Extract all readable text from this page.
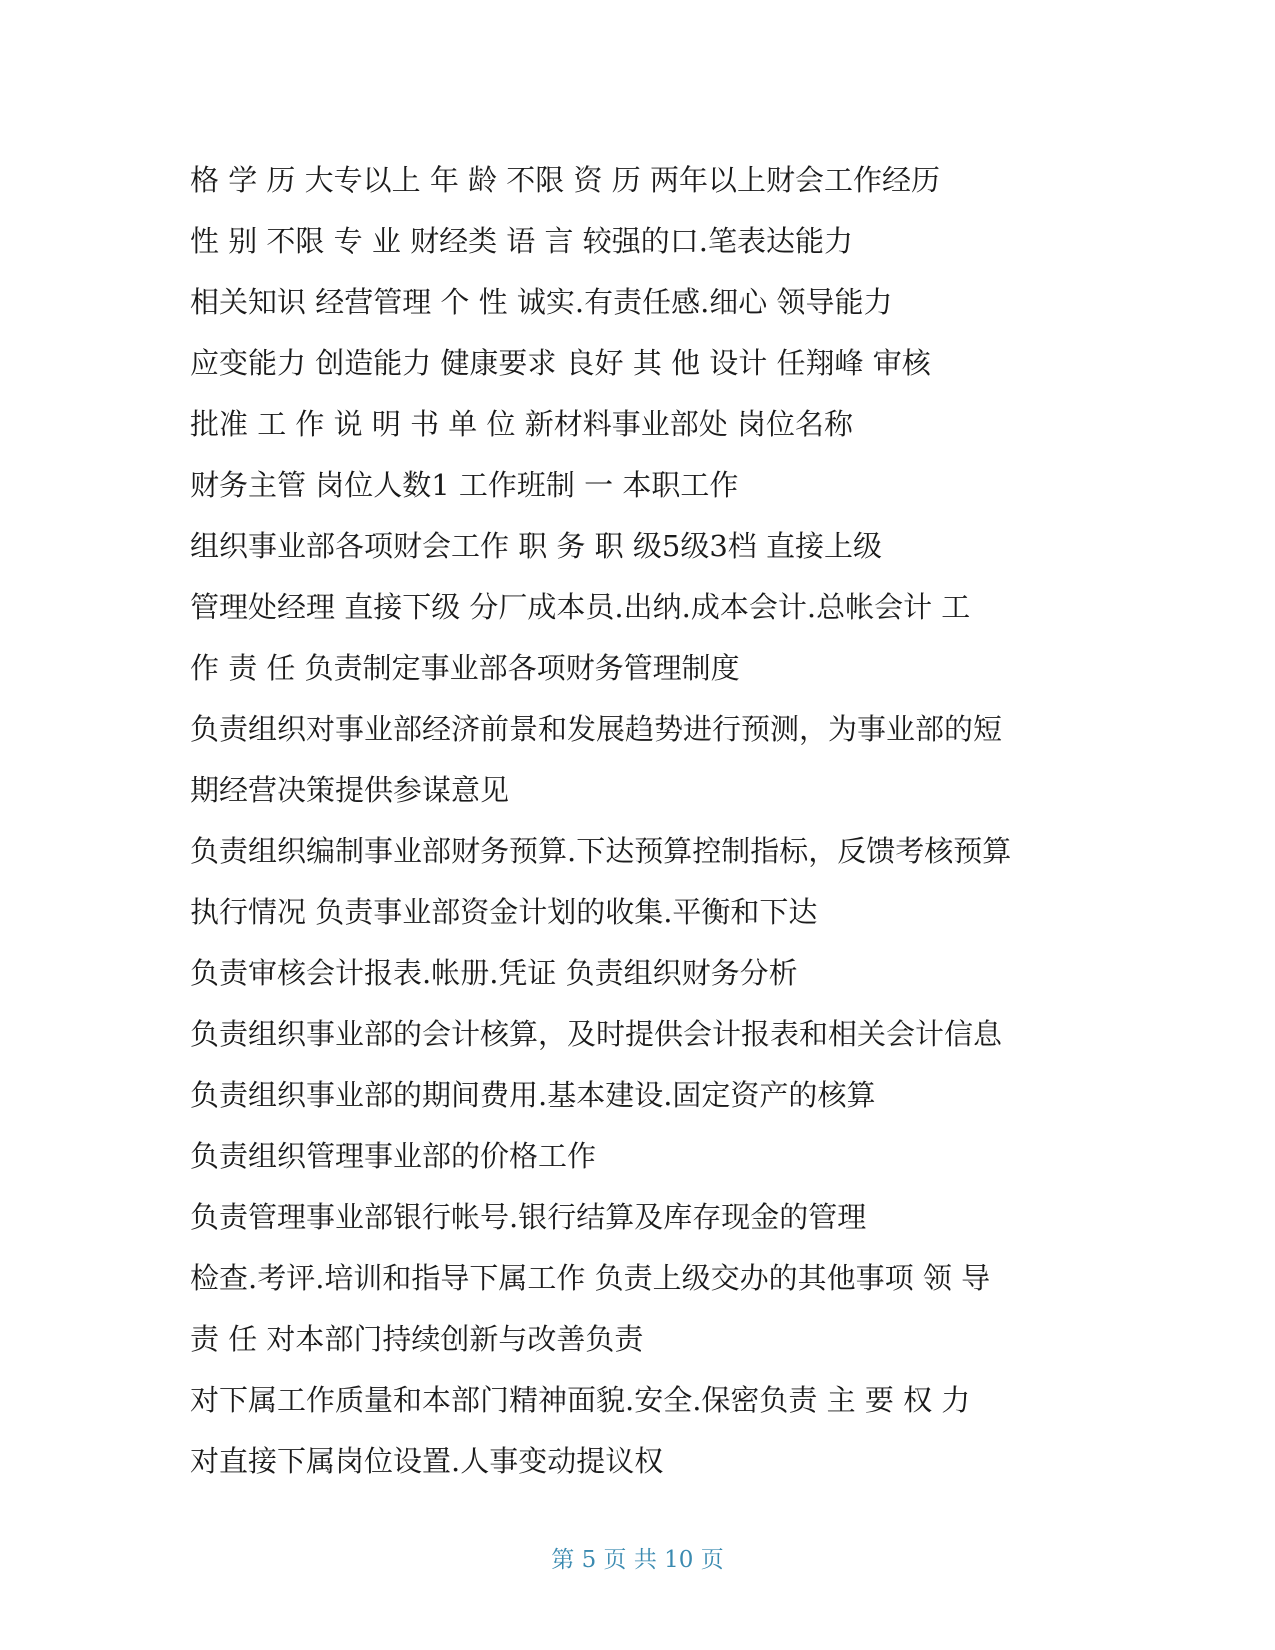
格 学 历 大专以上 年 龄 不限 资 历 两年以上财会工作经历
性 别 不限 专 业 财经类 语 言 较强的口.笔表达能力
相关知识 经营管理 个 性 诚实.有责任感.细心 领导能力
应变能力 创造能力 健康要求 良好 其 他 设计 任翔峰 审核
批准 工 作 说 明 书 单 位 新材料事业部处 岗位名称
财务主管 岗位人数1 工作班制 一 本职工作
组织事业部各项财会工作 职 务 职 级5级3档 直接上级
管理处经理 直接下级 分厂成本员.出纳.成本会计.总帐会计 工
作 责 任 负责制定事业部各项财务管理制度
负责组织对事业部经济前景和发展趋势进行预测，为事业部的短
期经营决策提供参谋意见
负责组织编制事业部财务预算.下达预算控制指标，反馈考核预算
执行情况 负责事业部资金计划的收集.平衡和下达
负责审核会计报表.帐册.凭证 负责组织财务分析
负责组织事业部的会计核算，及时提供会计报表和相关会计信息
负责组织事业部的期间费用.基本建设.固定资产的核算
负责组织管理事业部的价格工作
负责管理事业部银行帐号.银行结算及库存现金的管理
检查.考评.培训和指导下属工作 负责上级交办的其他事项 领 导
责 任 对本部门持续创新与改善负责
对下属工作质量和本部门精神面貌.安全.保密负责 主 要 权 力
对直接下属岗位设置.人事变动提议权
第 5 页 共 10 页
